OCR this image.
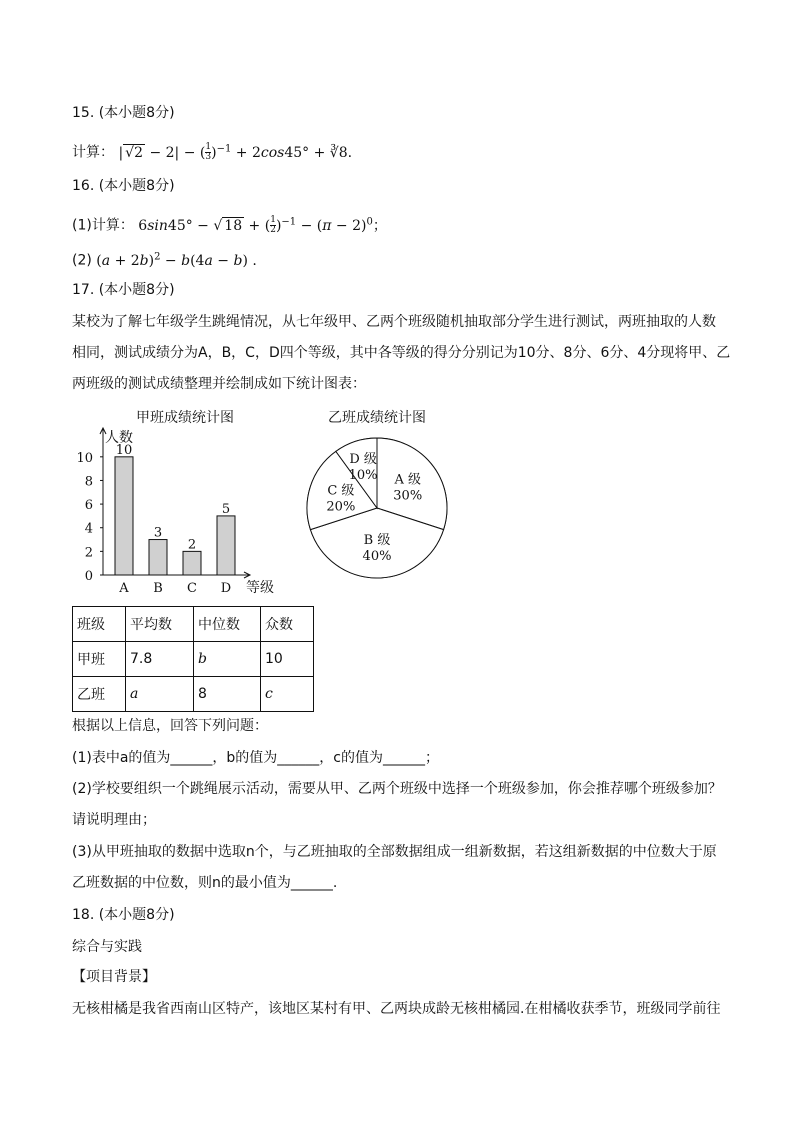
15. (本小题8分)
计算： | √2 − 2| − ( $\frac{1}{3} )^{-1} + 2\cos 45^\circ$ + ∛8.
16. (本小题8分)
(1)计算： 6sin45° − √ 18 + ( $\frac{1}{2} )^{-1} - (\pi - 2)^0$；
(2) $(a + 2b)^2 - b(4a - b)$ .
17. (本小题8分)
某校为了解七年级学生跳绳情况，从七年级甲、乙两个班级随机抽取部分学生进行测试，两班抽取的人数
相同，测试成绩分为A，B，C，D四个等级，其中各等级的得分分别记为10分、8分、6分、4分现将甲、乙
两班级的测试成绩整理并绘制成如下统计图表：
甲班成绩统计图
人数
等级
0
2
4
6
8
10
10
A
3
B
2
C
5
D
乙班成绩统计图
A 级
30%
B 级
40%
C 级
20%
D 级
10%
班级	平均数	中位数	众数
甲班	7.8	b	10
乙班	a	8	c
根据以上信息，回答下列问题：
(1)表中a的值为______，b的值为______，c的值为______；
(2)学校要组织一个跳绳展示活动，需要从甲、乙两个班级中选择一个班级参加，你会推荐哪个班级参加？
请说明理由；
(3)从甲班抽取的数据中选取n个，与乙班抽取的全部数据组成一组新数据，若这组新数据的中位数大于原
乙班数据的中位数，则n的最小值为______.
18. (本小题8分)
综合与实践
【项目背景】
无核柑橘是我省西南山区特产，该地区某村有甲、乙两块成龄无核柑橘园.在柑橘收获季节，班级同学前往
